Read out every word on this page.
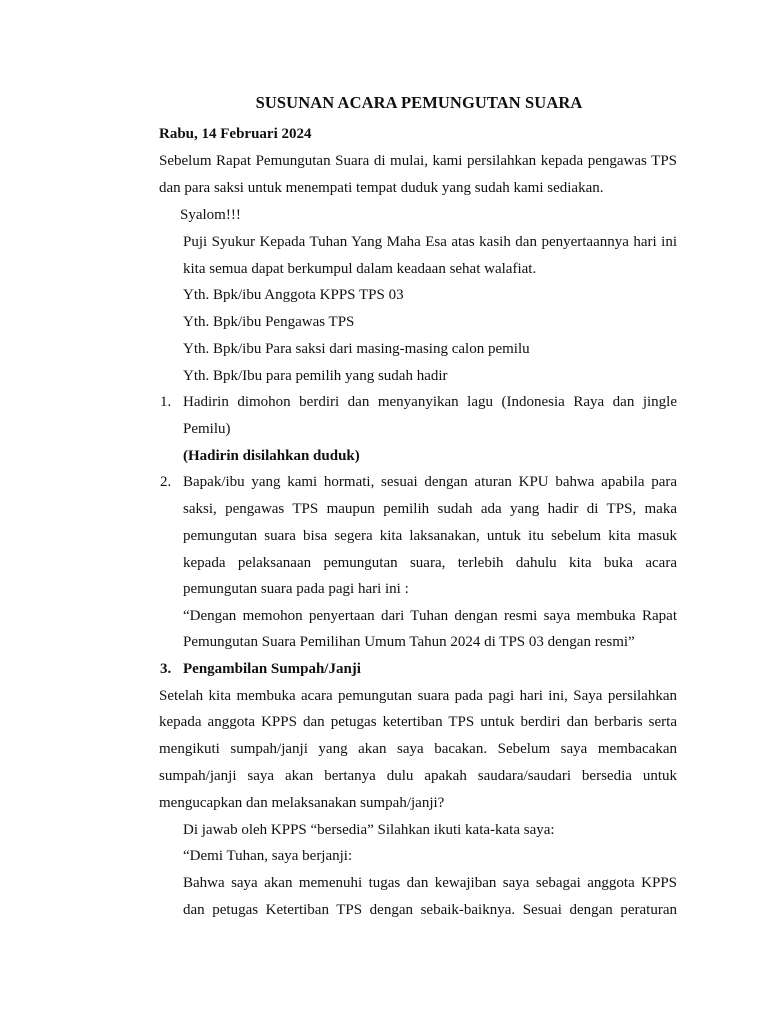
SUSUNAN ACARA PEMUNGUTAN SUARA
Rabu, 14 Februari 2024
Sebelum Rapat Pemungutan Suara di mulai, kami persilahkan kepada pengawas TPS
dan para saksi untuk menempati tempat duduk yang sudah kami sediakan.
Syalom!!!
Puji Syukur Kepada Tuhan Yang Maha Esa atas kasih dan penyertaannya hari ini
kita semua dapat berkumpul dalam keadaan sehat walafiat.
Yth. Bpk/ibu Anggota KPPS TPS 03
Yth. Bpk/ibu Pengawas TPS
Yth. Bpk/ibu Para saksi dari masing-masing calon pemilu
Yth. Bpk/Ibu para pemilih yang sudah hadir
1. Hadirin dimohon berdiri dan menyanyikan lagu (Indonesia Raya dan jingle
Pemilu)
(Hadirin disilahkan duduk)
2. Bapak/ibu yang kami hormati, sesuai dengan aturan KPU bahwa apabila para
saksi, pengawas TPS maupun pemilih sudah ada yang hadir di TPS, maka
pemungutan suara bisa segera kita laksanakan, untuk itu sebelum kita masuk
kepada pelaksanaan pemungutan suara, terlebih dahulu kita buka acara
pemungutan suara pada pagi hari ini :
“Dengan memohon penyertaan dari Tuhan dengan resmi saya membuka Rapat
Pemungutan Suara Pemilihan Umum Tahun 2024 di TPS 03 dengan resmi”
3. Pengambilan Sumpah/Janji
Setelah kita membuka acara pemungutan suara pada pagi hari ini, Saya persilahkan
kepada anggota KPPS dan petugas ketertiban TPS untuk berdiri dan berbaris serta
mengikuti sumpah/janji yang akan saya bacakan. Sebelum saya membacakan
sumpah/janji saya akan bertanya dulu apakah saudara/saudari bersedia untuk
mengucapkan dan melaksanakan sumpah/janji?
Di jawab oleh KPPS “bersedia” Silahkan ikuti kata-kata saya:
“Demi Tuhan, saya berjanji:
Bahwa saya akan memenuhi tugas dan kewajiban saya sebagai anggota KPPS
dan petugas Ketertiban TPS dengan sebaik-baiknya. Sesuai dengan peraturan
